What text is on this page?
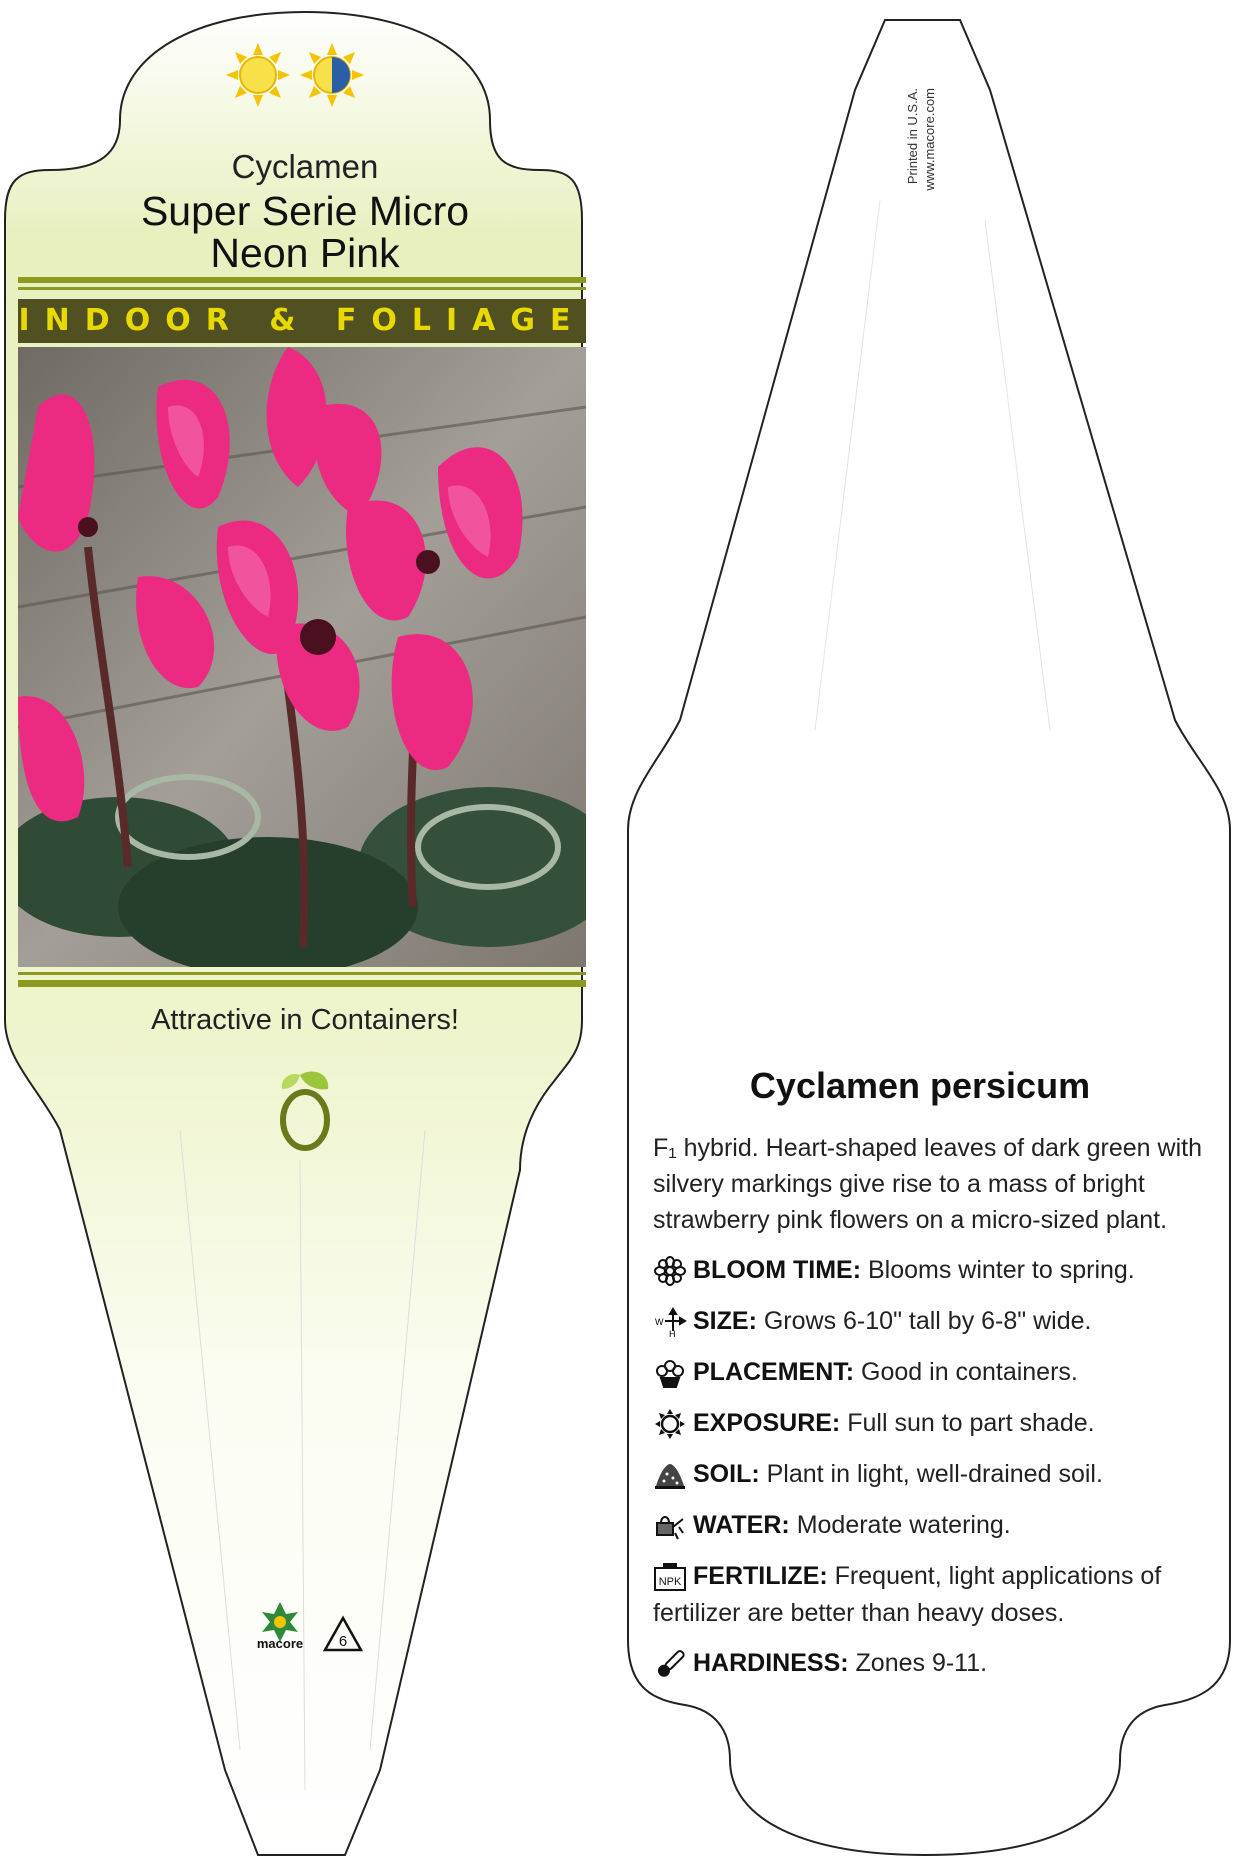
Cyclamen
Super Serie Micro
Neon Pink
INDOOR & FOLIAGE
Attractive in Containers!
macore 6
Printed in U.S.A. www.macore.com
Cyclamen persicum
F₁ hybrid. Heart-shaped leaves of dark green with silvery markings give rise to a mass of bright strawberry pink flowers on a micro-sized plant.
BLOOM TIME: Blooms winter to spring.
W
H SIZE: Grows 6-10" tall by 6-8" wide.
PLACEMENT: Good in containers.
EXPOSURE: Full sun to part shade.
SOIL: Plant in light, well-drained soil.
WATER: Moderate watering.
NPK FERTILIZE: Frequent, light applications of fertilizer are better than heavy doses.
HARDINESS: Zones 9-11.
